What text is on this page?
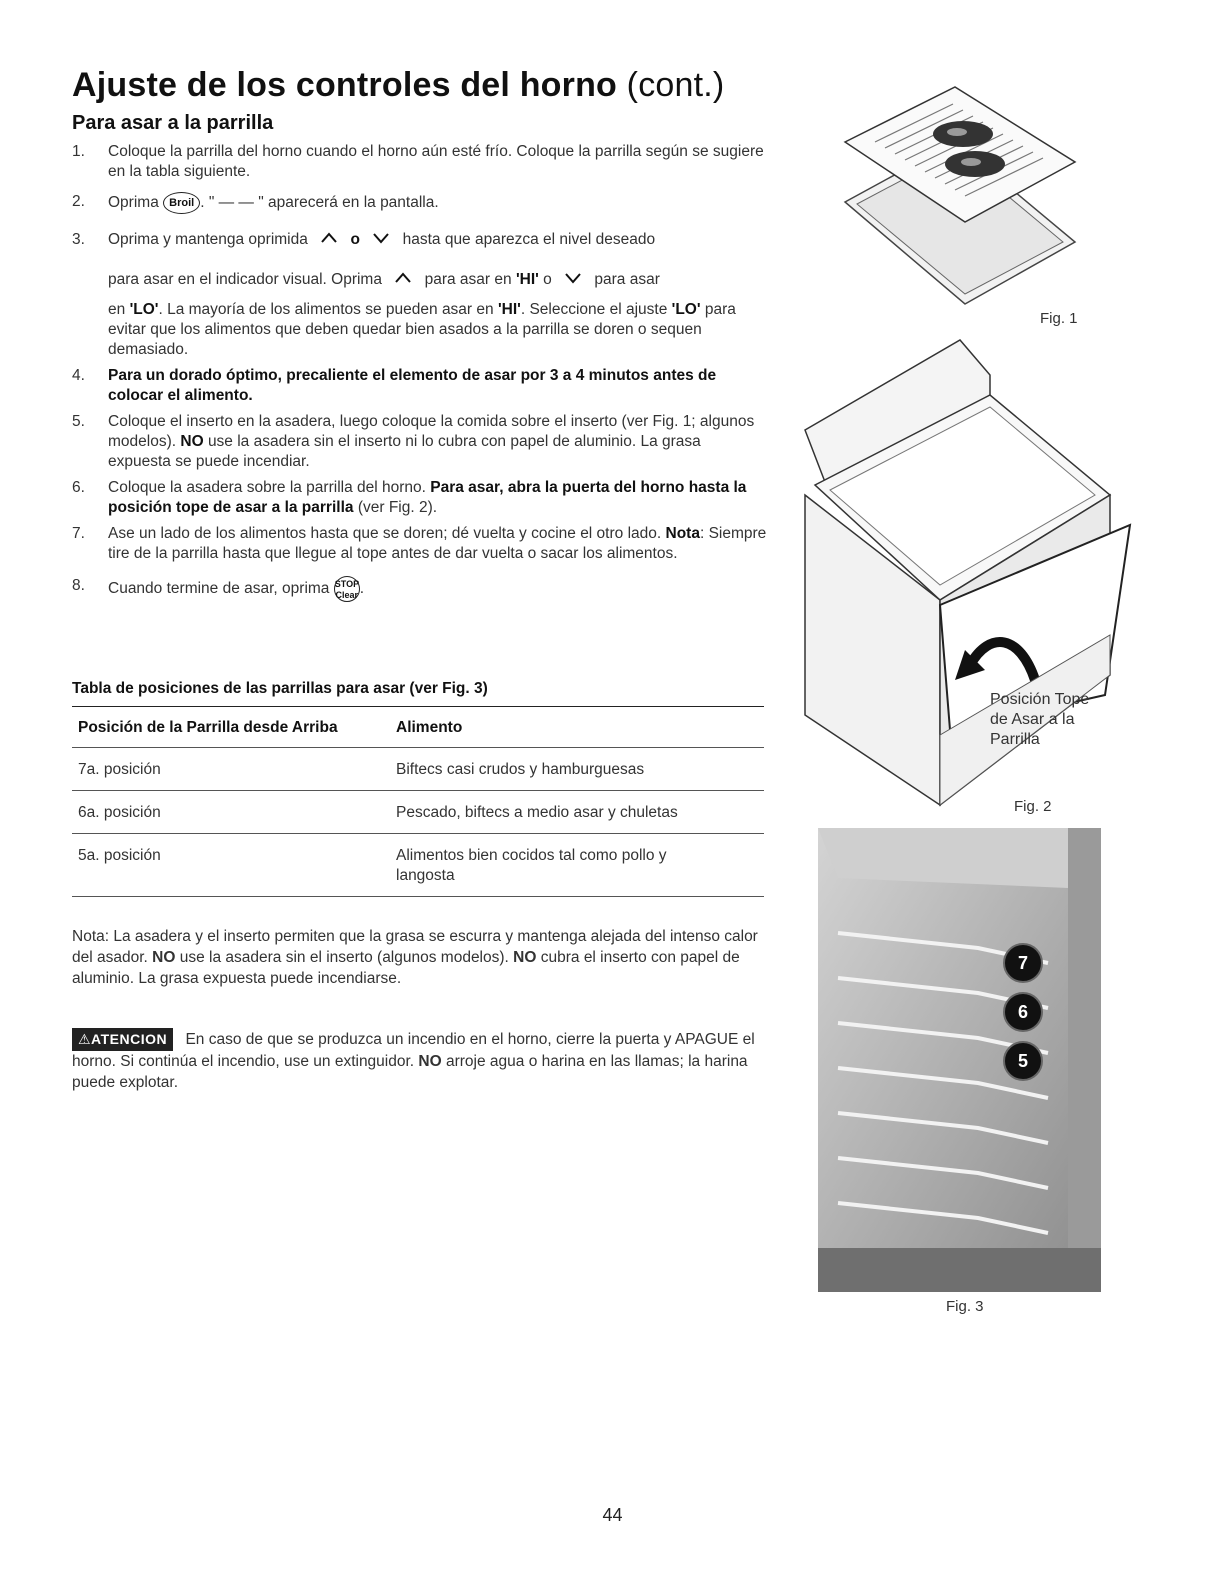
Ajuste de los controles del horno (cont.)
Para asar a la parrilla
1. Coloque la parrilla del horno cuando el horno aún esté frío. Coloque la parrilla según se sugiere en la tabla siguiente.

2. Oprima Broil . " — — " aparecerá en la pantalla.

3. Oprima y mantenga oprimida	o	hasta que aparezca el nivel deseado

para asar en el indicador visual. Oprima	para asar en 'HI' o	para asar

en 'LO'. La mayoría de los alimentos se pueden asar en 'HI'. Seleccione el ajuste 'LO' para evitar que los alimentos que deben quedar bien asados a la parrilla se doren o sequen demasiado.

4. Para un dorado óptimo, precaliente el elemento de asar por 3 a 4 minutos antes de colocar el alimento.

5. Coloque el inserto en la asadera, luego coloque la comida sobre el inserto (ver Fig. 1; algunos modelos). NO use la asadera sin el inserto ni lo cubra con papel de aluminio. La grasa expuesta se puede incendiar.

6. Coloque la asadera sobre la parrilla del horno. Para asar, abra la puerta del horno hasta la posición tope de asar a la parrilla (ver Fig. 2).

7. Ase un lado de los alimentos hasta que se doren; dé vuelta y cocine el otro lado. Nota: Siempre tire de la parrilla hasta que llegue al tope antes de dar vuelta o sacar los alimentos.

8. Cuando termine de asar, oprima STOP
Clear .

Tabla de posiciones de las parrillas para asar (ver Fig. 3)
Posición de la Parrilla desde Arriba	Alimento
7a. posición	Biftecs casi crudos y hamburguesas
6a. posición	Pescado, biftecs a medio asar y chuletas
5a. posición	Alimentos bien cocidos tal como pollo y langosta

Nota: La asadera y el inserto permiten que la grasa se escurra y mantenga alejada del intenso calor del asador. NO use la asadera sin el inserto (algunos modelos). NO cubra el inserto con papel de aluminio. La grasa expuesta puede incendiarse.

⚠ATENCION En caso de que se produzca un incendio en el horno, cierre la puerta y APAGUE el horno. Si continúa el incendio, use un extinguidor. NO arroje agua o harina en las llamas; la harina puede explotar.

Fig. 1
Posición Tope
de Asar a la
Parrilla
Fig. 2
7
6
5
Fig. 3
44
